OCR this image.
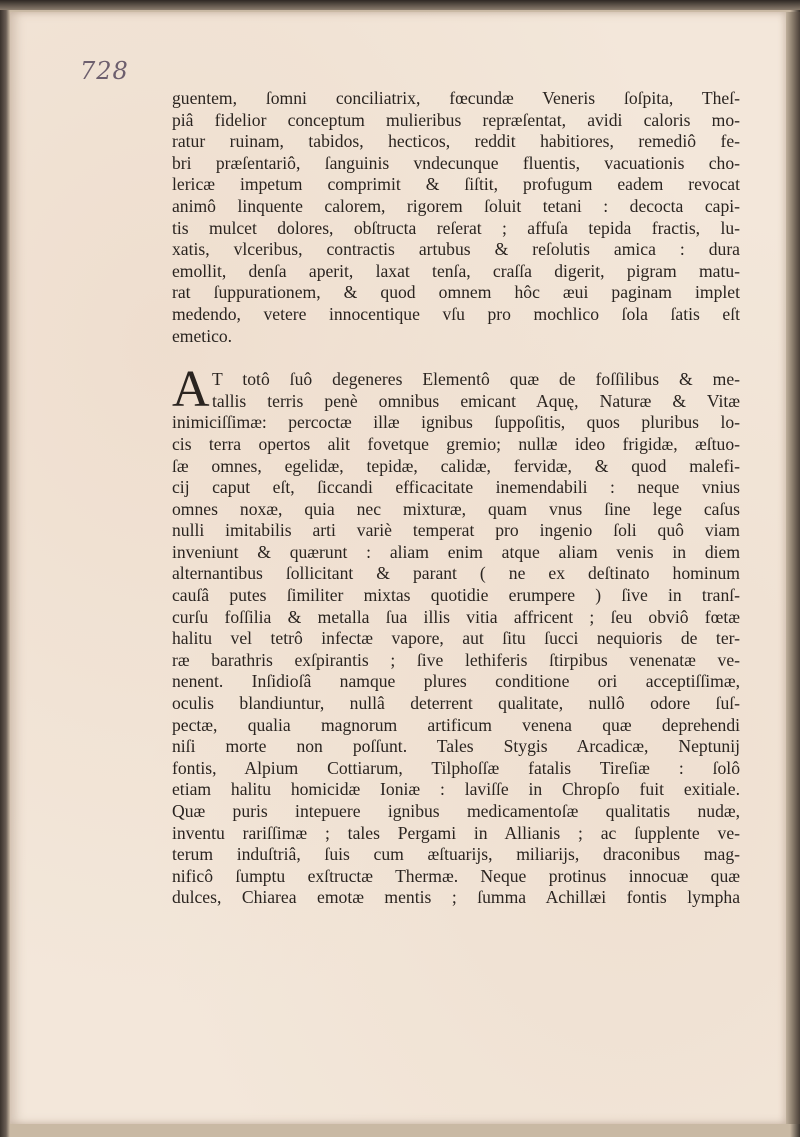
728
guentem, ſomni conciliatrix, fœcundæ Veneris ſoſpita, Theſ-
piâ fidelior conceptum mulieribus repræſentat, avidi caloris mo-
ratur ruinam, tabidos, hecticos, reddit habitiores, remediô fe-
bri præſentariô, ſanguinis vndecunque fluentis, vacuationis cho-
lericæ impetum comprimit & ſiſtit, profugum eadem revocat
animô linquente calorem, rigorem ſoluit tetani : decocta capi-
tis mulcet dolores, obſtructa reſerat ; affuſa tepida fractis, lu-
xatis, vlceribus, contractis artubus & reſolutis amica : dura
emollit, denſa aperit, laxat tenſa, craſſa digerit, pigram matu-
rat ſuppurationem, & quod omnem hôc æui paginam implet
medendo, vetere innocentique vſu pro mochlico ſola ſatis eſt
emetico.
A T totô ſuô degeneres Elementô quæ de foſſilibus & me-
tallis terris penè omnibus emicant Aquę, Naturæ & Vitæ
inimiciſſimæ: percoctæ illæ ignibus ſuppoſitis, quos pluribus lo-
cis terra opertos alit fovetque gremio; nullæ ideo frigidæ, æſtuo-
ſæ omnes, egelidæ, tepidæ, calidæ, fervidæ, & quod malefi-
cij caput eſt, ſiccandi efficacitate inemendabili : neque vnius
omnes noxæ, quia nec mixturæ, quam vnus ſine lege caſus
nulli imitabilis arti variè temperat pro ingenio ſoli quô viam
inveniunt & quærunt : aliam enim atque aliam venis in diem
alternantibus ſollicitant & parant ( ne ex deſtinato hominum
cauſâ putes ſimiliter mixtas quotidie erumpere ) ſive in tranſ-
curſu foſſilia & metalla ſua illis vitia affricent ; ſeu obviô fœtæ
halitu vel tetrô infectæ vapore, aut ſitu ſucci nequioris de ter-
ræ barathris exſpirantis ; ſive lethiferis ſtirpibus venenatæ ve-
nenent. Inſidioſâ namque plures conditione ori acceptiſſimæ,
oculis blandiuntur, nullâ deterrent qualitate, nullô odore ſuſ-
pectæ, qualia magnorum artificum venena quæ deprehendi
niſi morte non poſſunt. Tales Stygis Arcadicæ, Neptunij
fontis, Alpium Cottiarum, Tilphoſſæ fatalis Tireſiæ : ſolô
etiam halitu homicidæ Ioniæ : laviſſe in Chropſo fuit exitiale.
Quæ puris intepuere ignibus medicamentoſæ qualitatis nudæ,
inventu rariſſimæ ; tales Pergami in Allianis ; ac ſupplente ve-
terum induſtriâ, ſuis cum æſtuarijs, miliarijs, draconibus mag-
nificô ſumptu exſtructæ Thermæ. Neque protinus innocuæ quæ
dulces, Chiarea emotæ mentis ; ſumma Achillæi fontis lympha
